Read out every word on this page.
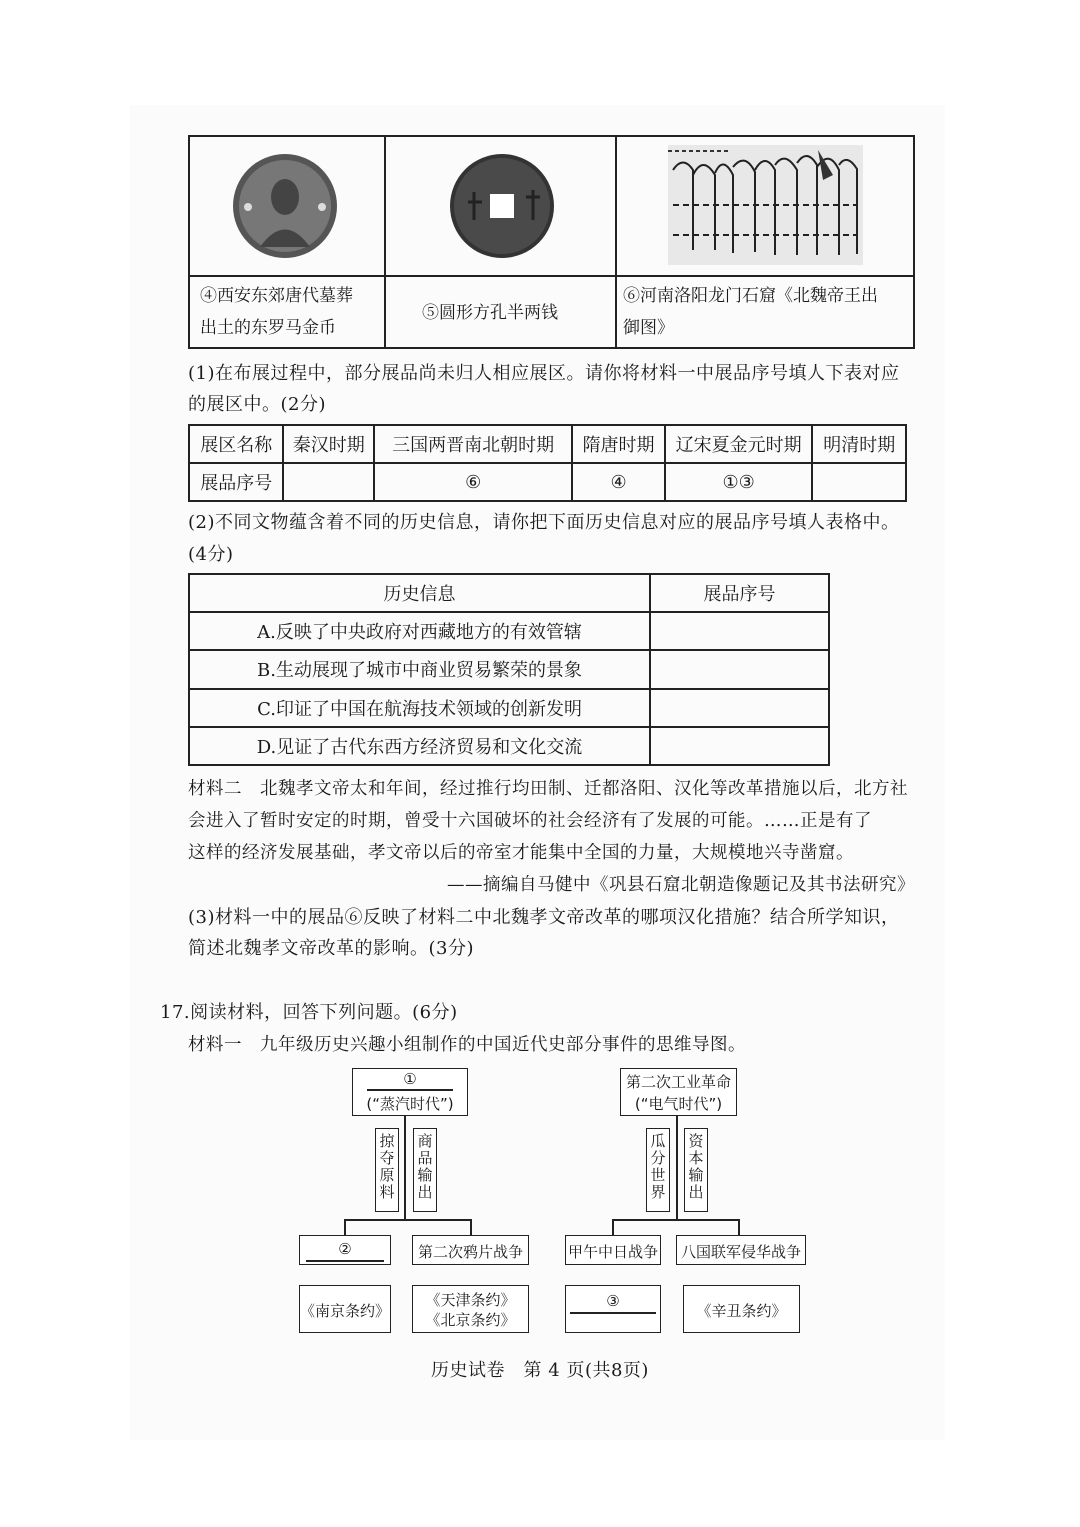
④西安东郊唐代墓葬
出土的东罗马金币
⑤圆形方孔半两钱
⑥河南洛阳龙门石窟《北魏帝王出
御图》
(1)在布展过程中，部分展品尚未归人相应展区。请你将材料一中展品序号填人下表对应
的展区中。(2分)
展区名称	秦汉时期	三国两晋南北朝时期	隋唐时期	辽宋夏金元时期	明清时期
展品序号		⑥	④	①③	
(2)不同文物蕴含着不同的历史信息，请你把下面历史信息对应的展品序号填人表格中。
(4分)
历史信息	展品序号
A.反映了中央政府对西藏地方的有效管辖	
B.生动展现了城市中商业贸易繁荣的景象	
C.印证了中国在航海技术领域的创新发明	
D.见证了古代东西方经济贸易和文化交流	
材料二　北魏孝文帝太和年间，经过推行均田制、迁都洛阳、汉化等改革措施以后，北方社
会进入了暂时安定的时期，曾受十六国破坏的社会经济有了发展的可能。……正是有了
这样的经济发展基础，孝文帝以后的帝室才能集中全国的力量，大规模地兴寺凿窟。
——摘编自马健中《巩县石窟北朝造像题记及其书法研究》
(3)材料一中的展品⑥反映了材料二中北魏孝文帝改革的哪项汉化措施？结合所学知识，
简述北魏孝文帝改革的影响。(3分)
17.阅读材料，回答下列问题。(6分)
材料一　九年级历史兴趣小组制作的中国近代史部分事件的思维导图。
①
(“蒸汽时代”)
掠夺原料
商品输出
②	第二次鸦片战争
《南京条约》
《天津条约》
《北京条约》
第二次工业革命
(“电气时代”)
瓜分世界
资本输出
甲午中日战争 八国联军侵华战争
③
《辛丑条约》
历史试卷　第 4 页(共8页)
